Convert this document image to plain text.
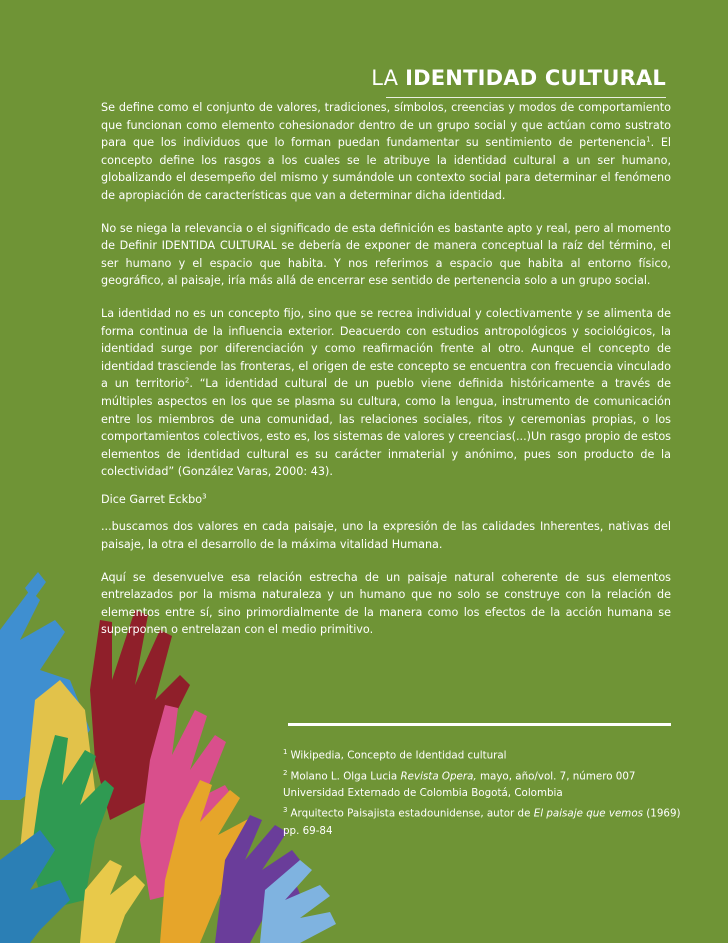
LA IDENTIDAD CULTURAL

Se define como el conjunto de valores, tradiciones, símbolos, creencias y modos de comportamiento que funcionan como elemento cohesionador dentro de un grupo social y que actúan como sustrato para que los individuos que lo forman puedan fundamentar su sentimiento de pertenencia$^1$. El concepto define los rasgos a los cuales se le atribuye la identidad cultural a un ser humano, globalizando el desempeño del mismo y sumándole un contexto social para determinar el fenómeno de apropiación de características que van a determinar dicha identidad.

No se niega la relevancia o el significado de esta definición es bastante apto y real, pero al momento de Definir IDENTIDA CULTURAL se debería de exponer de manera conceptual la raíz del término, el ser humano y el espacio que habita. Y nos referimos a espacio que habita al entorno físico, geográfico, al paisaje, iría más allá de encerrar ese sentido de pertenencia solo a un grupo social.

La identidad no es un concepto fijo, sino que se recrea individual y colectivamente y se alimenta de forma continua de la influencia exterior. Deacuerdo con estudios antropológicos y sociológicos, la identidad surge por diferenciación y como reafirmación frente al otro. Aunque el concepto de identidad trasciende las fronteras, el origen de este concepto se encuentra con frecuencia vinculado a un territorio$^2$. “La identidad cultural de un pueblo viene definida históricamente a través de múltiples aspectos en los que se plasma su cultura, como la lengua, instrumento de comunicación entre los miembros de una comunidad, las relaciones sociales, ritos y ceremonias propias, o los comportamientos colectivos, esto es, los sistemas de valores y creencias(...)Un rasgo propio de estos elementos de identidad cultural es su carácter inmaterial y anónimo, pues son producto de la colectividad” (González Varas, 2000: 43).

Dice Garret Eckbo$^3$

...buscamos dos valores en cada paisaje, uno la expresión de las calidades Inherentes, nativas del paisaje, la otra el desarrollo de la máxima vitalidad Humana.

Aquí se desenvuelve esa relación estrecha de un paisaje natural coherente de sus elementos entrelazados por la misma naturaleza y un humano que no solo se construye con la relación de elementos entre sí, sino primordialmente de la manera como los efectos de la acción humana se superponen o entrelazan con el medio primitivo.

$^1$ Wikipedia, Concepto de Identidad cultural
$^2$ Molano L. Olga Lucia Revista Opera, mayo, año/vol. 7, número 007
Universidad Externado de Colombia Bogotá, Colombia
$^3$ Arquitecto Paisajista estadounidense, autor de El paisaje que vemos (1969)
pp. 69-84
